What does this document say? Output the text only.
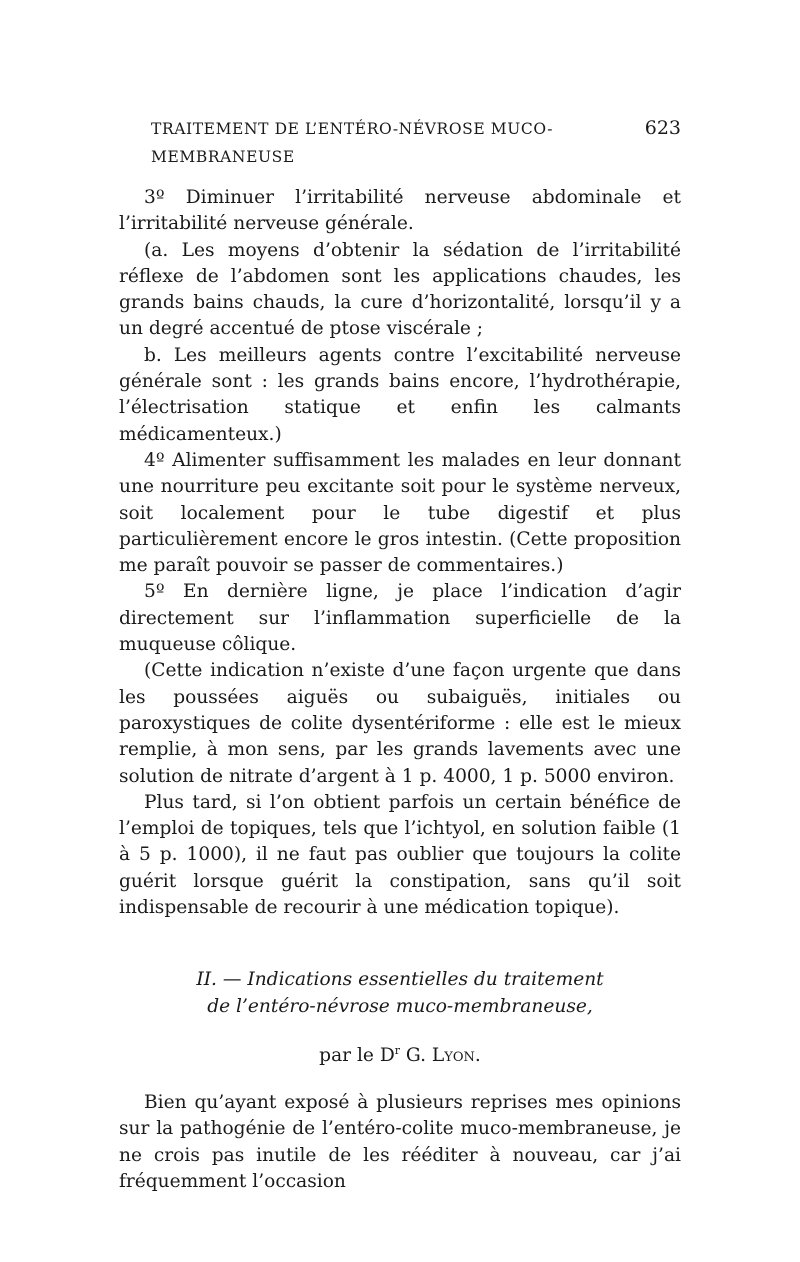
TRAITEMENT DE L’ENTÉRO-NÉVROSE MUCO-MEMBRANEUSE
623

3º Diminuer l’irritabilité nerveuse abdominale et l’irritabilité nerveuse générale.

(a. Les moyens d’obtenir la sédation de l’irritabilité réflexe de l’abdomen sont les applications chaudes, les grands bains chauds, la cure d’horizontalité, lorsqu’il y a un degré accentué de ptose viscérale ;

b. Les meilleurs agents contre l’excitabilité nerveuse générale sont : les grands bains encore, l’hydrothérapie, l’électrisation statique et enfin les calmants médicamenteux.)

4º Alimenter suffisamment les malades en leur donnant une nourriture peu excitante soit pour le système nerveux, soit localement pour le tube digestif et plus particulièrement encore le gros intestin. (Cette proposition me paraît pouvoir se passer de commentaires.)

5º En dernière ligne, je place l’indication d’agir directement sur l’inflammation superficielle de la muqueuse côlique.

(Cette indication n’existe d’une façon urgente que dans les poussées aiguës ou subaiguës, initiales ou paroxystiques de colite dysentériforme : elle est le mieux remplie, à mon sens, par les grands lavements avec une solution de nitrate d’argent à 1 p. 4000, 1 p. 5000 environ.

Plus tard, si l’on obtient parfois un certain bénéfice de l’emploi de topiques, tels que l’ichtyol, en solution faible (1 à 5 p. 1000), il ne faut pas oublier que toujours la colite guérit lorsque guérit la constipation, sans qu’il soit indispensable de recourir à une médication topique).

II. — Indications essentielles du traitement
de l’entéro-névrose muco-membraneuse,
par le $D^r$ G. Lyon.

Bien qu’ayant exposé à plusieurs reprises mes opinions sur la pathogénie de l’entéro-colite muco-membraneuse, je ne crois pas inutile de les rééditer à nouveau, car j’ai fréquemment l’occasion
